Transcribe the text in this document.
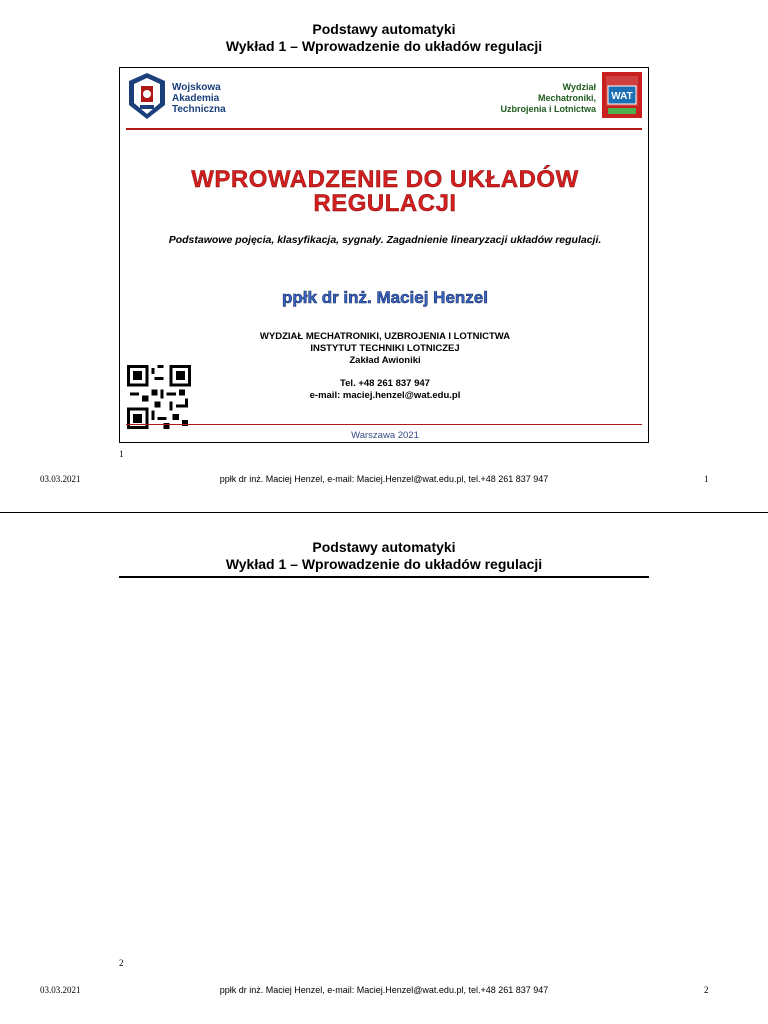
Podstawy automatyki
Wykład 1 – Wprowadzenie do układów regulacji
Wojskowa
Akademia
Techniczna
Wydział
Mechatroniki,
Uzbrojenia i Lotnictwa
WAT
WPROWADZENIE DO UKŁADÓW
REGULACJI
Podstawowe pojęcia, klasyfikacja, sygnały. Zagadnienie linearyzacji układów regulacji.
ppłk dr inż. Maciej Henzel
WYDZIAŁ MECHATRONIKI, UZBROJENIA I LOTNICTWA
INSTYTUT TECHNIKI LOTNICZEJ
Zakład Awioniki
Tel. +48 261 837 947
e-mail: maciej.henzel@wat.edu.pl
Warszawa 2021
1
03.03.2021	ppłk dr inż. Maciej Henzel, e-mail: Maciej.Henzel@wat.edu.pl, tel.+48 261 837 947	1
Podstawy automatyki
Wykład 1 – Wprowadzenie do układów regulacji
2
03.03.2021	ppłk dr inż. Maciej Henzel, e-mail: Maciej.Henzel@wat.edu.pl, tel.+48 261 837 947	2
